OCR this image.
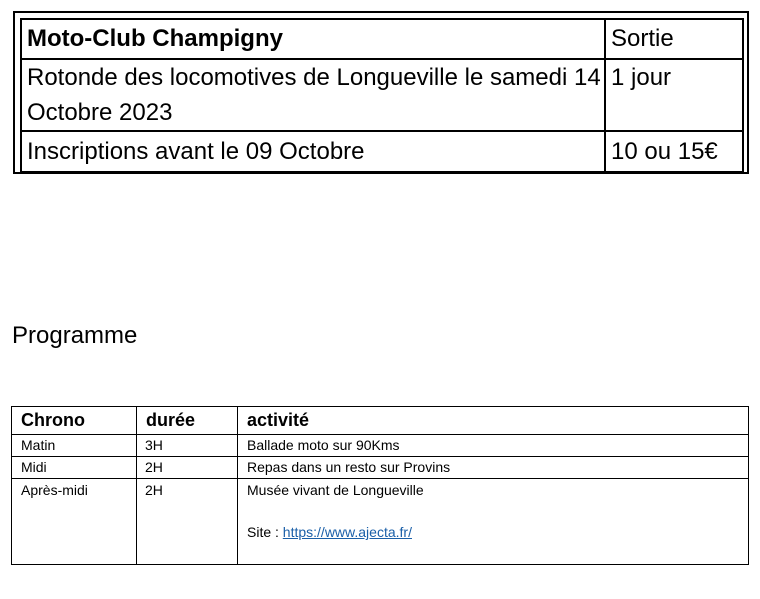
Moto-Club Champigny	Sortie
Rotonde des locomotives de Longueville le samedi 14 Octobre 2023	1 jour
Inscriptions avant le 09 Octobre	10 ou 15€
Programme
Chrono	durée	activité
Matin	3H	Ballade moto sur 90Kms
Midi	2H	Repas dans un resto sur Provins
Après-midi	2H	Musée vivant de Longueville
Site : https://www.ajecta.fr/
